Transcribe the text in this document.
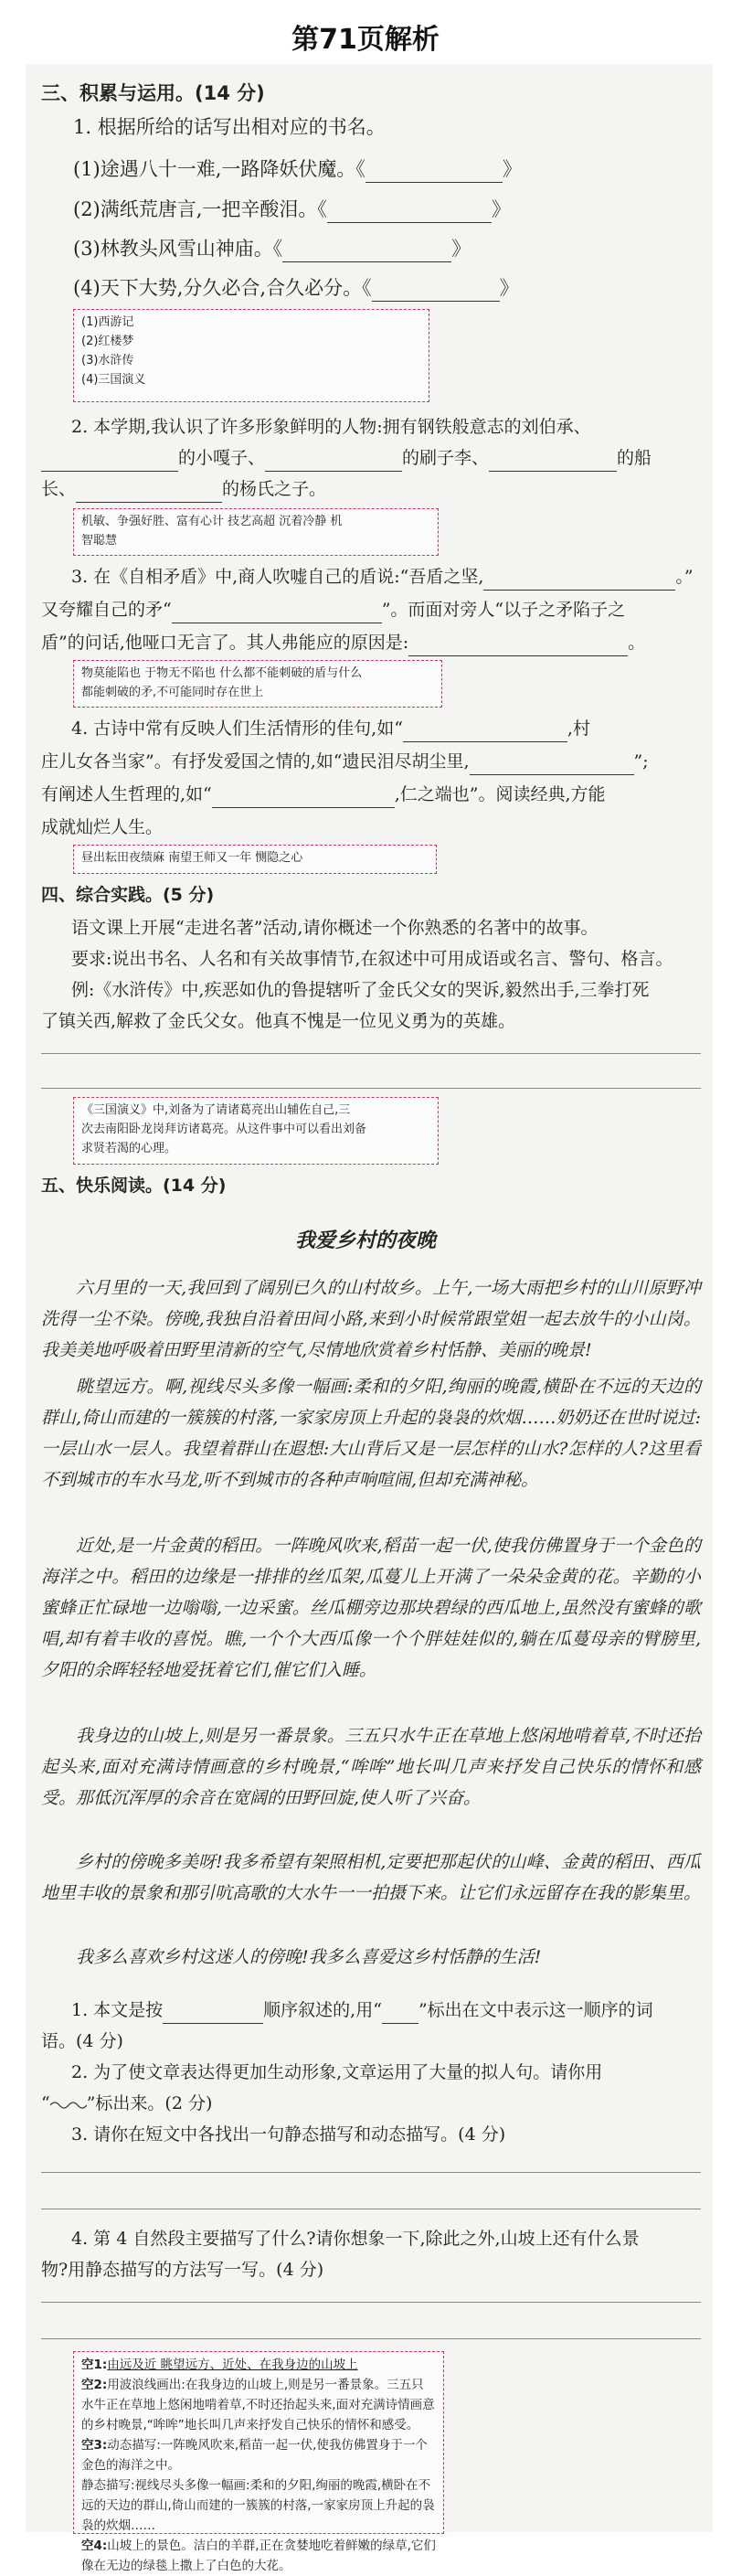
第71页解析
三、积累与运用。(14 分)
1. 根据所给的话写出相对应的书名。
(1)途遇八十一难,一路降妖伏魔。《	》
(2)满纸荒唐言,一把辛酸泪。《	》
(3)林教头风雪山神庙。《	》
(4)天下大势,分久必合,合久必分。《	》
(1)西游记
(2)红楼梦
(3)水浒传
(4)三国演义
2. 本学期,我认识了许多形象鲜明的人物:拥有钢铁般意志的刘伯承、
的小嘎子、	的刷子李、	的船
长、	的杨氏之子。
机敏、争强好胜、富有心计 技艺高超 沉着冷静 机
智聪慧
3. 在《自相矛盾》中,商人吹嘘自己的盾说:“吾盾之坚,	。”
又夸耀自己的矛“	”。而面对旁人“以子之矛陷子之
盾”的问话,他哑口无言了。其人弗能应的原因是:	。
物莫能陷也 于物无不陷也 什么都不能刺破的盾与什么
都能刺破的矛,不可能同时存在世上
4. 古诗中常有反映人们生活情形的佳句,如“	,村
庄儿女各当家”。有抒发爱国之情的,如“遗民泪尽胡尘里,	”;
有阐述人生哲理的,如“	,仁之端也”。阅读经典,方能
成就灿烂人生。
昼出耘田夜绩麻 南望王师又一年 恻隐之心
四、综合实践。(5 分)
语文课上开展“走进名著”活动,请你概述一个你熟悉的名著中的故事。
要求:说出书名、人名和有关故事情节,在叙述中可用成语或名言、警句、格言。
例:《水浒传》中,疾恶如仇的鲁提辖听了金氏父女的哭诉,毅然出手,三拳打死
了镇关西,解救了金氏父女。他真不愧是一位见义勇为的英雄。
《三国演义》中,刘备为了请诸葛亮出山辅佐自己,三
次去南阳卧龙岗拜访诸葛亮。从这件事中可以看出刘备
求贤若渴的心理。
五、快乐阅读。(14 分)
我爱乡村的夜晚
六月里的一天,我回到了阔别已久的山村故乡。上午,一场大雨把乡村的山川原野冲洗得一尘不染。傍晚,我独自沿着田间小路,来到小时候常跟堂姐一起去放牛的小山岗。我美美地呼吸着田野里清新的空气,尽情地欣赏着乡村恬静、美丽的晚景!
眺望远方。啊,视线尽头多像一幅画:柔和的夕阳,绚丽的晚霞,横卧在不远的天边的群山,倚山而建的一簇簇的村落,一家家房顶上升起的袅袅的炊烟……奶奶还在世时说过:一层山水一层人。我望着群山在遐想:大山背后又是一层怎样的山水?怎样的人?这里看不到城市的车水马龙,听不到城市的各种声响喧闹,但却充满神秘。
近处,是一片金黄的稻田。一阵晚风吹来,稻苗一起一伏,使我仿佛置身于一个金色的海洋之中。稻田的边缘是一排排的丝瓜架,瓜蔓儿上开满了一朵朵金黄的花。辛勤的小蜜蜂正忙碌地一边嗡嗡,一边采蜜。丝瓜棚旁边那块碧绿的西瓜地上,虽然没有蜜蜂的歌唱,却有着丰收的喜悦。瞧,一个个大西瓜像一个个胖娃娃似的,躺在瓜蔓母亲的臂膀里,夕阳的余晖轻轻地爱抚着它们,催它们入睡。
我身边的山坡上,则是另一番景象。三五只水牛正在草地上悠闲地啃着草,不时还抬起头来,面对充满诗情画意的乡村晚景,“哞哞”地长叫几声来抒发自己快乐的情怀和感受。那低沉浑厚的余音在宽阔的田野回旋,使人听了兴奋。
乡村的傍晚多美呀!我多希望有架照相机,定要把那起伏的山峰、金黄的稻田、西瓜地里丰收的景象和那引吭高歌的大水牛一一拍摄下来。让它们永远留存在我的影集里。
我多么喜欢乡村这迷人的傍晚!我多么喜爱这乡村恬静的生活!
1. 本文是按	顺序叙述的,用“ ”标出在文中表示这一顺序的词
语。(4 分)
2. 为了使文章表达得更加生动形象,文章运用了大量的拟人句。请你用
“ ”标出来。(2 分)
3. 请你在短文中各找出一句静态描写和动态描写。(4 分)
4. 第 4 自然段主要描写了什么?请你想象一下,除此之外,山坡上还有什么景
物?用静态描写的方法写一写。(4 分)
空1:由远及近 眺望远方、近处、在我身边的山坡上
空2:用波浪线画出:在我身边的山坡上,则是另一番景象。三五只水牛正在草地上悠闲地啃着草,不时还抬起头来,面对充满诗情画意的乡村晚景,“哞哞”地长叫几声来抒发自己快乐的情怀和感受。
空3:动态描写:一阵晚风吹来,稻苗一起一伏,使我仿佛置身于一个金色的海洋之中。
静态描写:视线尽头多像一幅画:柔和的夕阳,绚丽的晚霞,横卧在不远的天边的群山,倚山而建的一簇簇的村落,一家家房顶上升起的袅袅的炊烟……
空4:山坡上的景色。洁白的羊群,正在贪婪地吃着鲜嫩的绿草,它们像在无边的绿毯上撒上了白色的大花。
